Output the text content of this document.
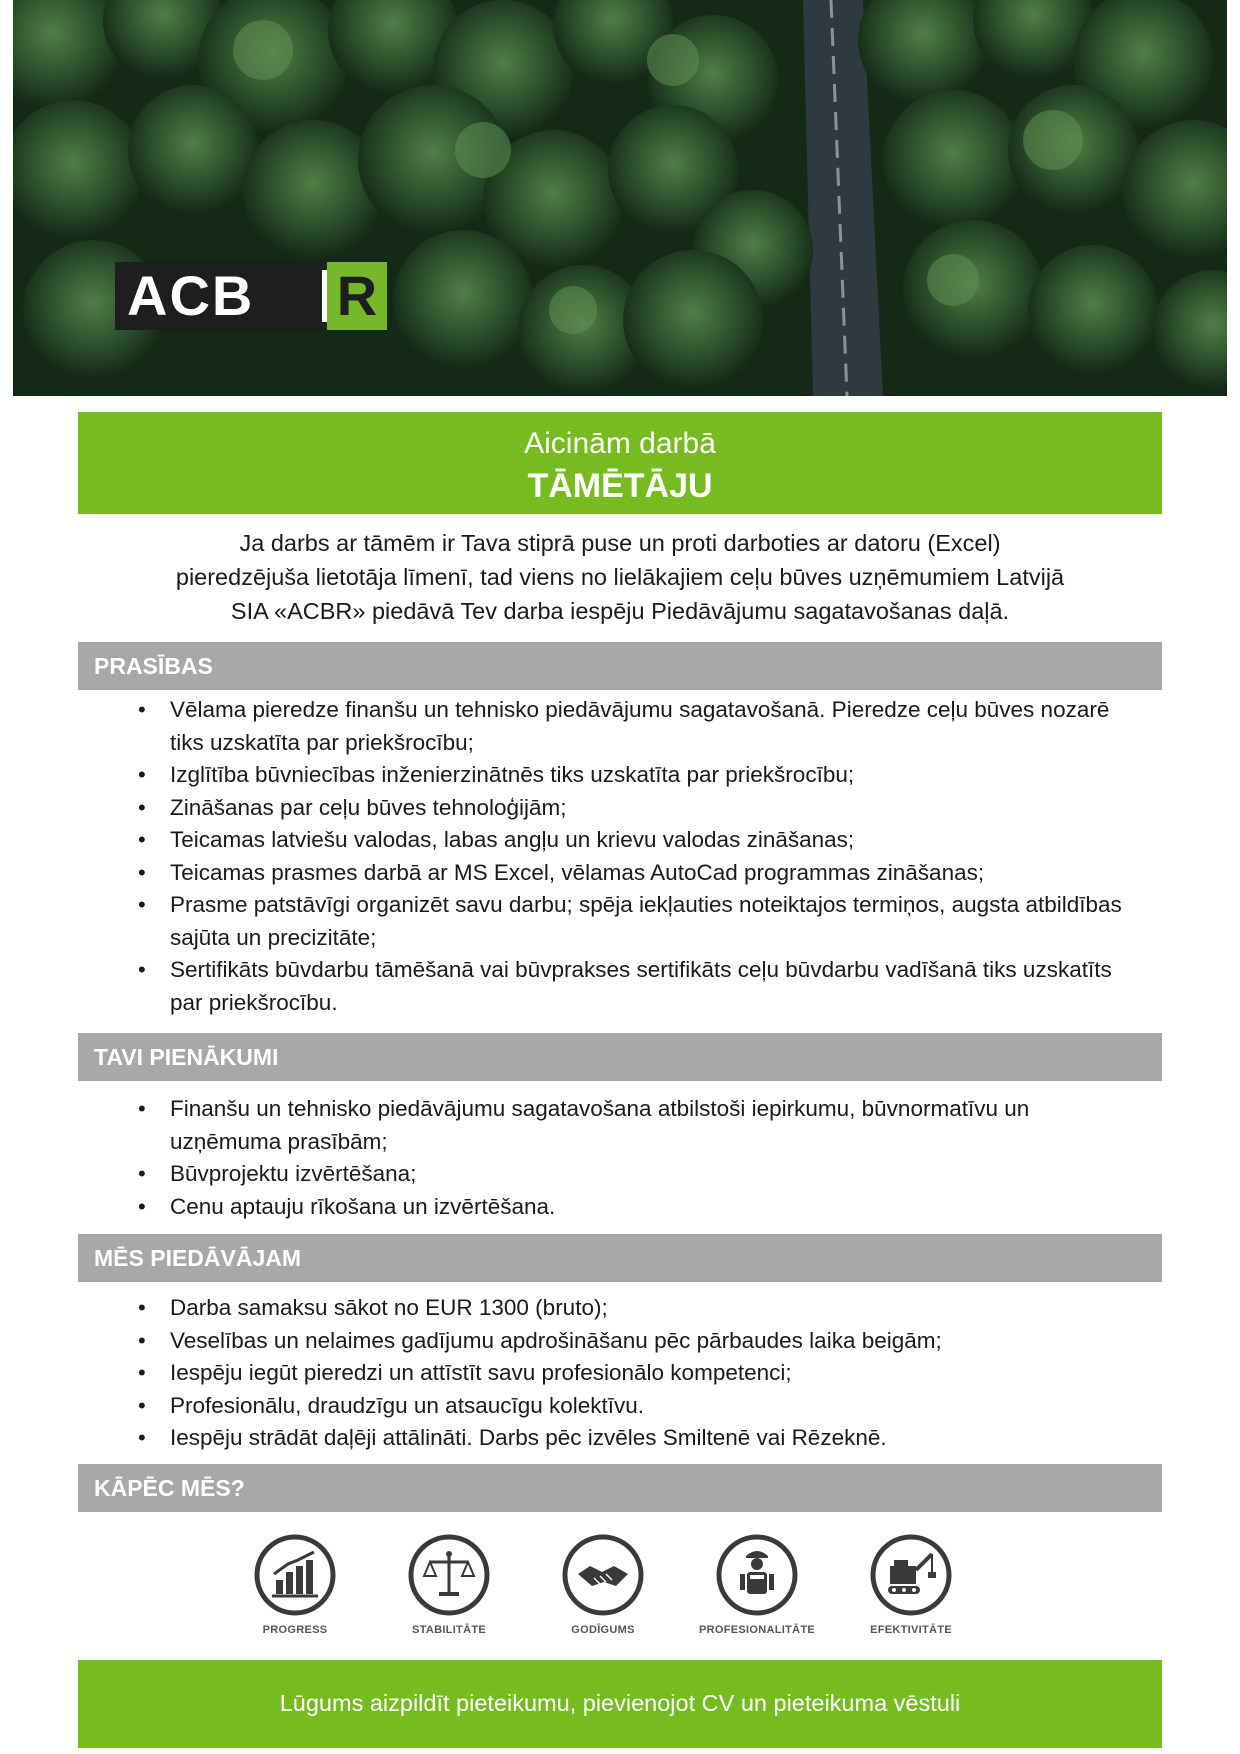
ACB	R
Aicinām darbā
TĀMĒTĀJU
Ja darbs ar tāmēm ir Tava stiprā puse un proti darboties ar datoru (Excel)
pieredzējuša lietotāja līmenī, tad viens no lielākajiem ceļu būves uzņēmumiem Latvijā
SIA «ACBR» piedāvā Tev darba iespēju Piedāvājumu sagatavošanas daļā.
PRASĪBAS
• Vēlama pieredze finanšu un tehnisko piedāvājumu sagatavošanā. Pieredze ceļu būves nozarē tiks uzskatīta par priekšrocību;
• Izglītība būvniecības inženierzinātnēs tiks uzskatīta par priekšrocību;
• Zināšanas par ceļu būves tehnoloģijām;
• Teicamas latviešu valodas, labas angļu un krievu valodas zināšanas;
• Teicamas prasmes darbā ar MS Excel, vēlamas AutoCad programmas zināšanas;
• Prasme patstāvīgi organizēt savu darbu; spēja iekļauties noteiktajos termiņos, augsta atbildības sajūta un precizitāte;
• Sertifikāts būvdarbu tāmēšanā vai būvprakses sertifikāts ceļu būvdarbu vadīšanā tiks uzskatīts par priekšrocību.
TAVI PIENĀKUMI
• Finanšu un tehnisko piedāvājumu sagatavošana atbilstoši iepirkumu, būvnormatīvu un uzņēmuma prasībām;
• Būvprojektu izvērtēšana;
• Cenu aptauju rīkošana un izvērtēšana.
MĒS PIEDĀVĀJAM
• Darba samaksu sākot no EUR 1300 (bruto);
• Veselības un nelaimes gadījumu apdrošināšanu pēc pārbaudes laika beigām;
• Iespēju iegūt pieredzi un attīstīt savu profesionālo kompetenci;
• Profesionālu, draudzīgu un atsaucīgu kolektīvu.
• Iespēju strādāt daļēji attālināti. Darbs pēc izvēles Smiltenē vai Rēzeknē.
KĀPĒC MĒS?
PROGRESS	STABILITĀTE	GODĪGUMS	PROFESIONALITĀTE	EFEKTIVITĀTE
Lūgums aizpildīt pieteikumu, pievienojot CV un pieteikuma vēstuli
